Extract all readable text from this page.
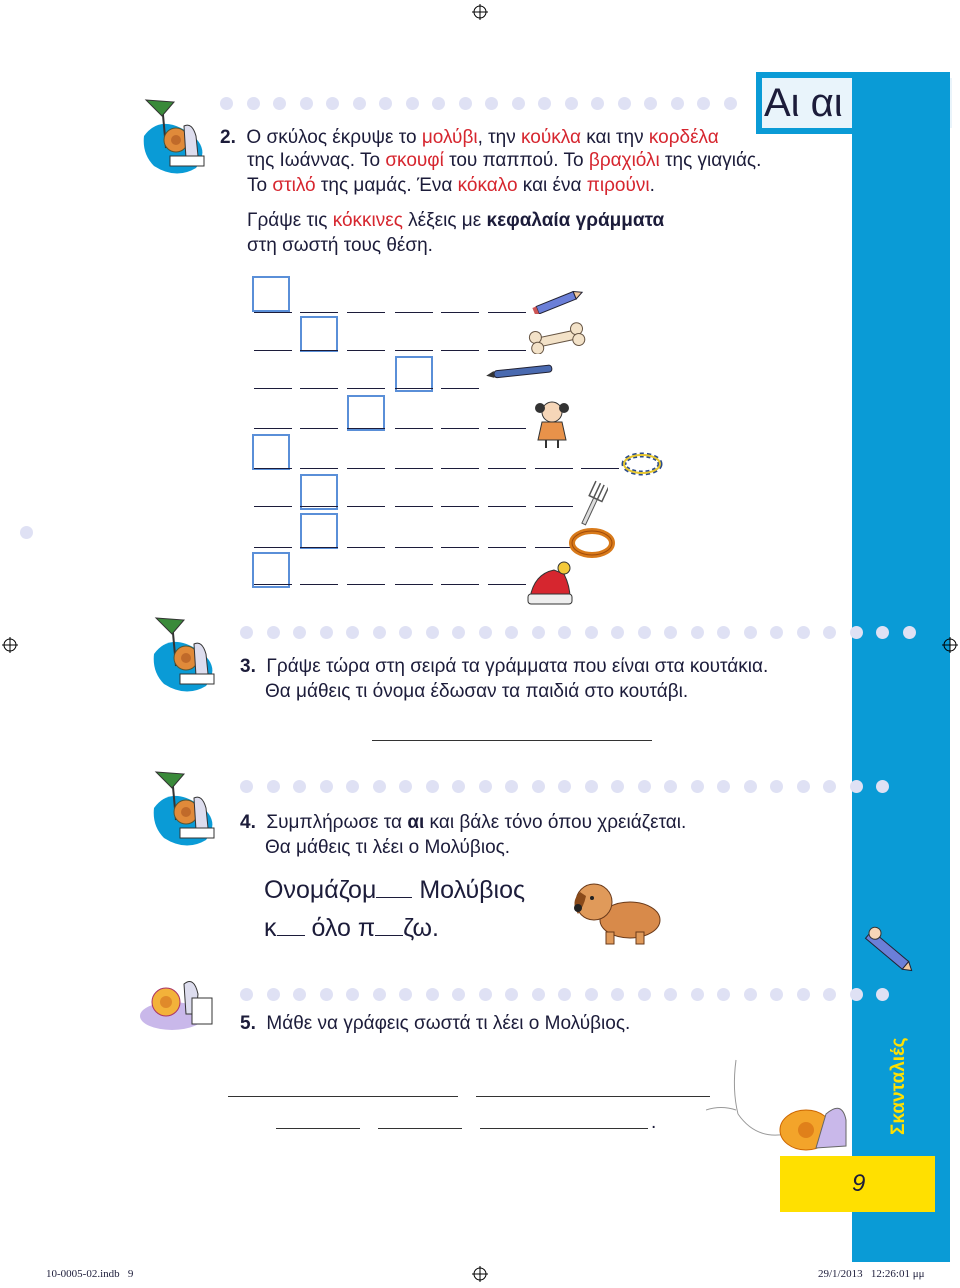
Αι αι
Σκανταλιές
9
2. Ο σκύλος έκρυψε το μολύβι, την κούκλα και την κορδέλα
της Ιωάννας. Το σκουφί του παππού. Το βραχιόλι της γιαγιάς.
Το στιλό της μαμάς. Ένα κόκαλο και ένα πιρούνι.
Γράψε τις κόκκινες λέξεις με κεφαλαία γράμματα
στη σωστή τους θέση.
3. Γράψε τώρα στη σειρά τα γράμματα που είναι στα κουτάκια.
Θα μάθεις τι όνομα έδωσαν τα παιδιά στο κουτάβι.
4. Συμπλήρωσε τα αι και βάλε τόνο όπου χρειάζεται.
Θα μάθεις τι λέει ο Μολύβιος.
Ονομάζομ Μολύβιος
κ όλο π ζω.
5. Μάθε να γράφεις σωστά τι λέει ο Μολύβιος.
.
10-0005-02.indb   9	29/1/2013   12:26:01 μμ
